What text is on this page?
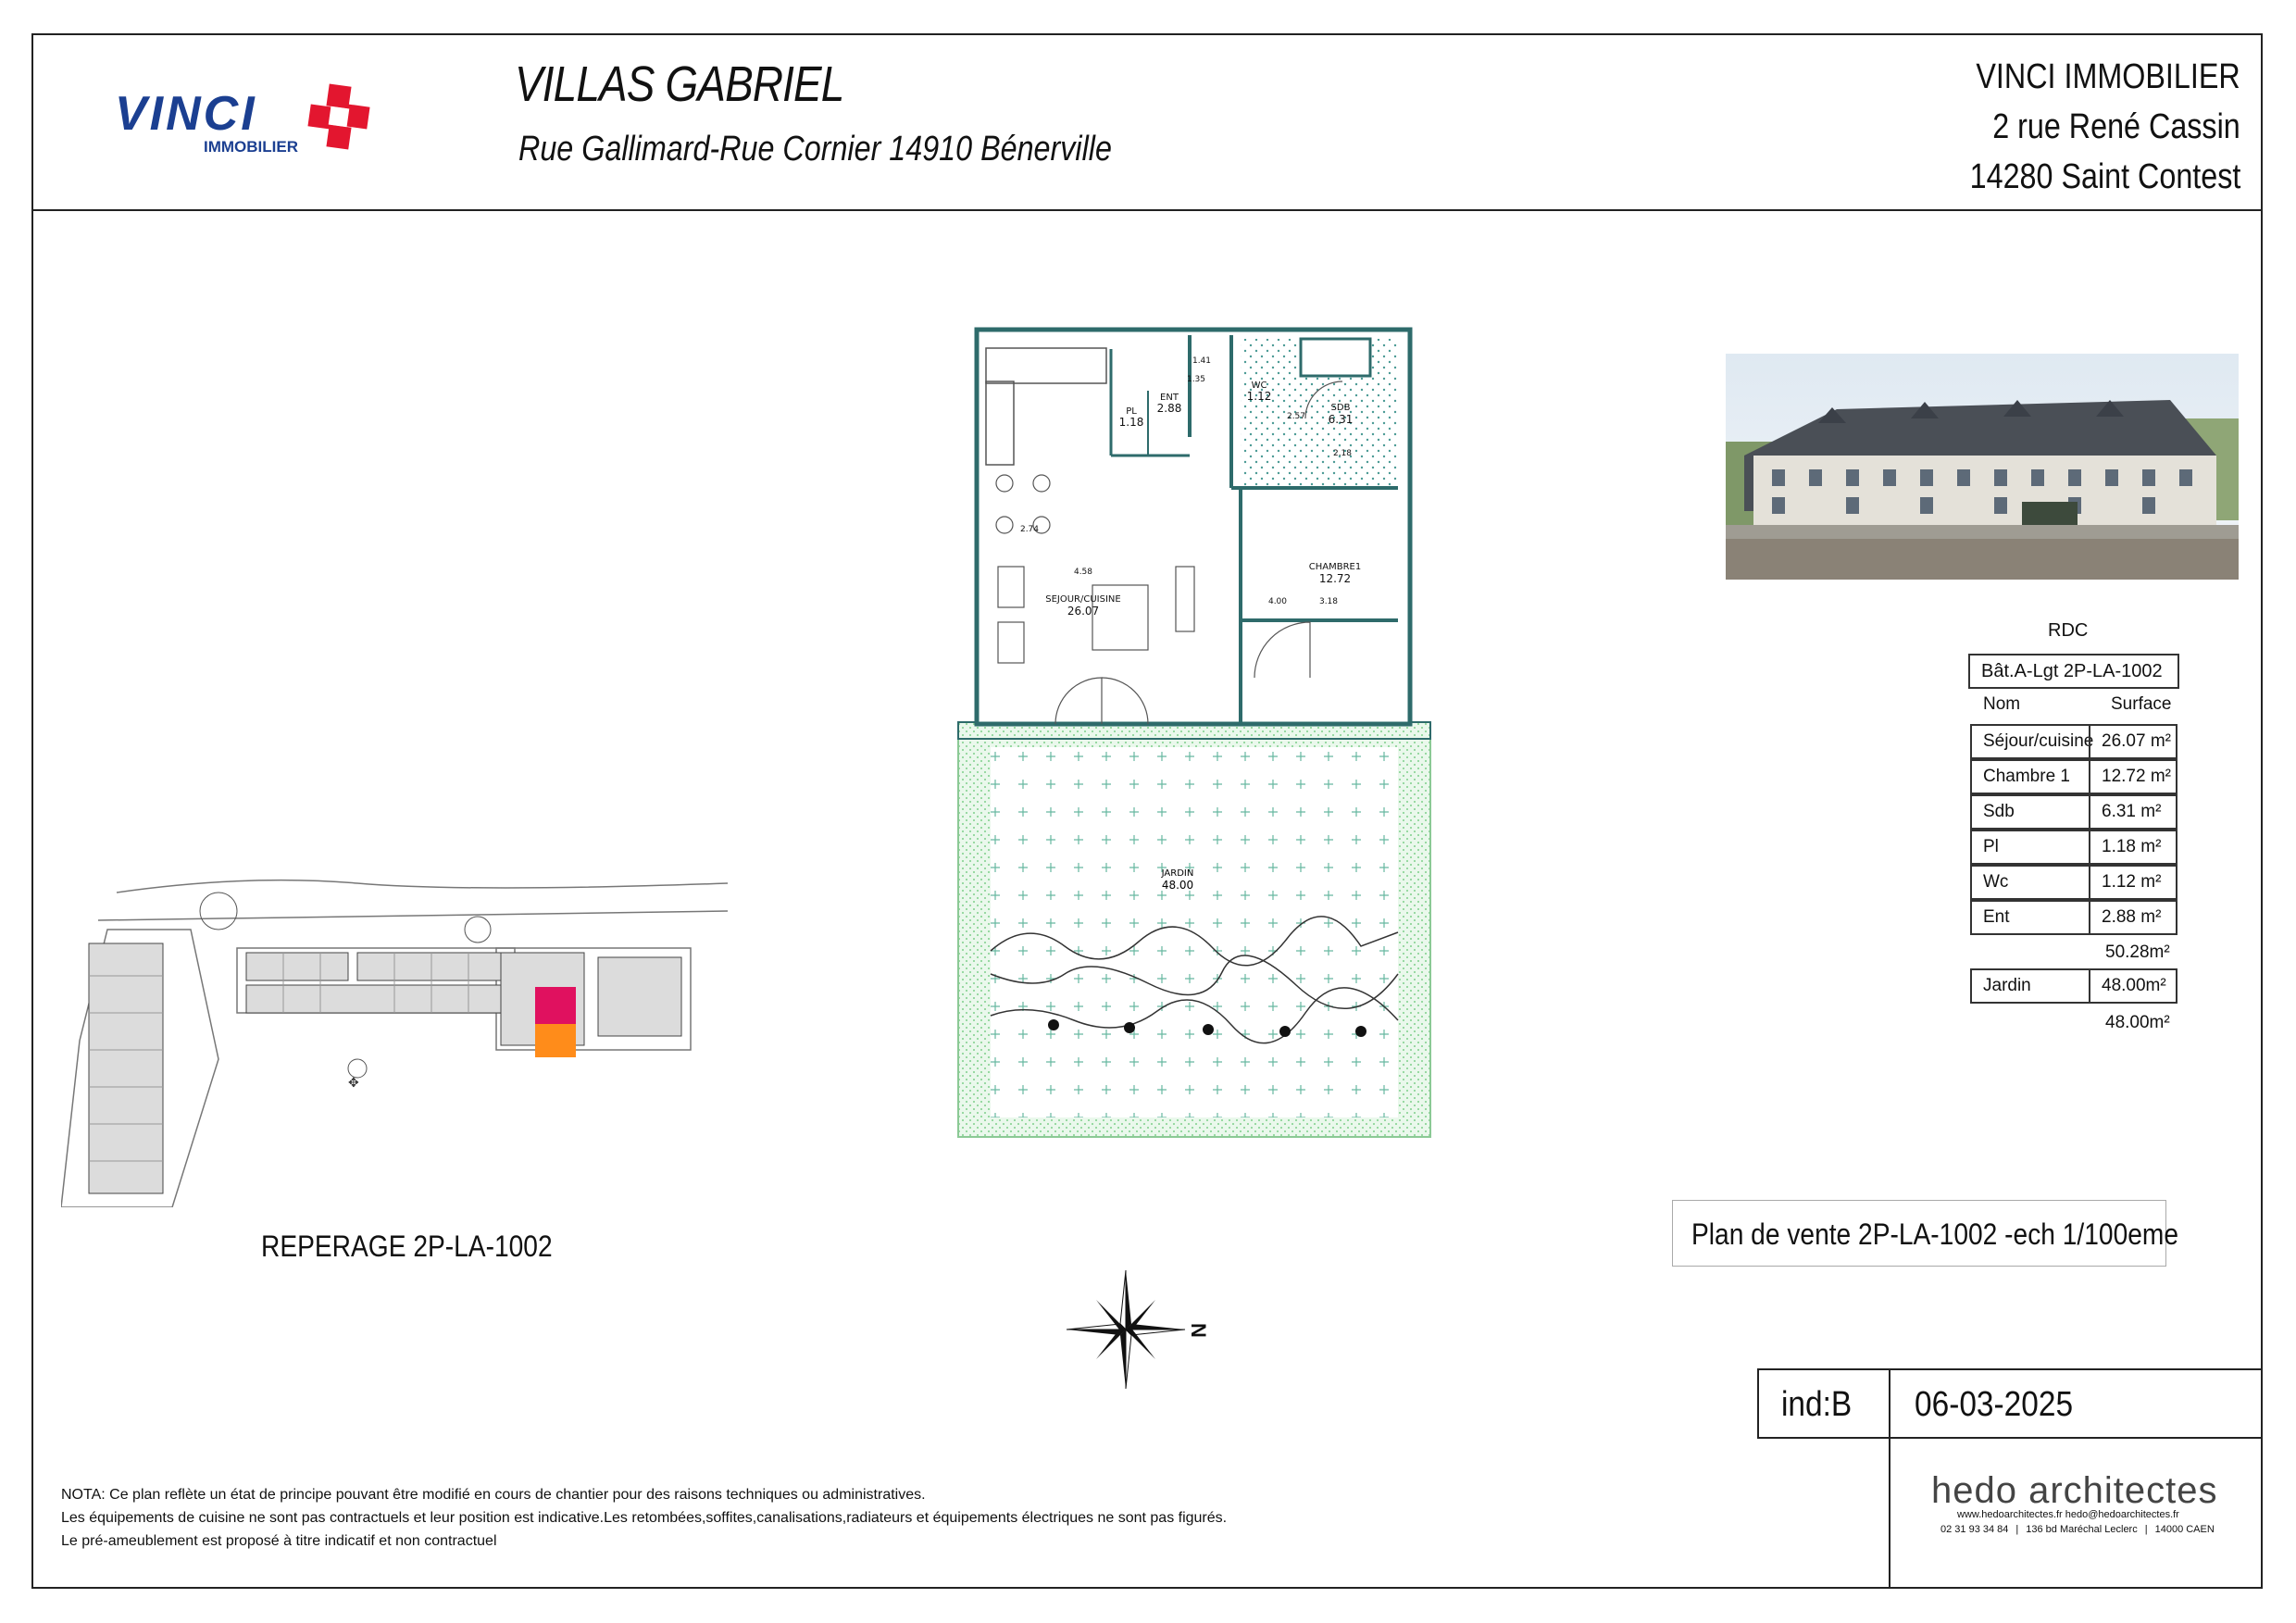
VINCI
IMMOBILIER
VILLAS GABRIEL
Rue Gallimard-Rue Cornier 14910 Bénerville
VINCI IMMOBILIER
2 rue René Cassin
14280 Saint Contest
JARDIN
48.00
SEJOUR/CUISINE
26.07
CHAMBRE1
12.72
SDB
6.31
PL
1.18
ENT
2.88
WC
1.12
4.58
3.18
4.00
2.74
1.35
2.57
2.18
1.41
RDC
Bât.A-Lgt 2P-LA-1002
Nom	Surface
Séjour/cuisine 26.07 m²
Chambre 1	12.72 m²
Sdb	6.31 m²
Pl	1.18 m²
Wc	1.12 m²
Ent	2.88 m²
50.28m²
Jardin	48.00m²
48.00m²
✥
REPERAGE 2P-LA-1002	Plan de vente 2P-LA-1002 -ech 1/100eme
N
ind:B 06-03-2025
hedo architectes
www.hedoarchitectes.fr hedo@hedoarchitectes.fr
02 31 93 34 84 | 136 bd Maréchal Leclerc | 14000 CAEN
NOTA: Ce plan reflète un état de principe pouvant être modifié en cours de chantier pour des raisons techniques ou administratives.
Les équipements de cuisine ne sont pas contractuels et leur position est indicative.Les retombées,soffites,canalisations,radiateurs et équipements électriques ne sont pas figurés.
Le pré-ameublement est proposé à titre indicatif et non contractuel
